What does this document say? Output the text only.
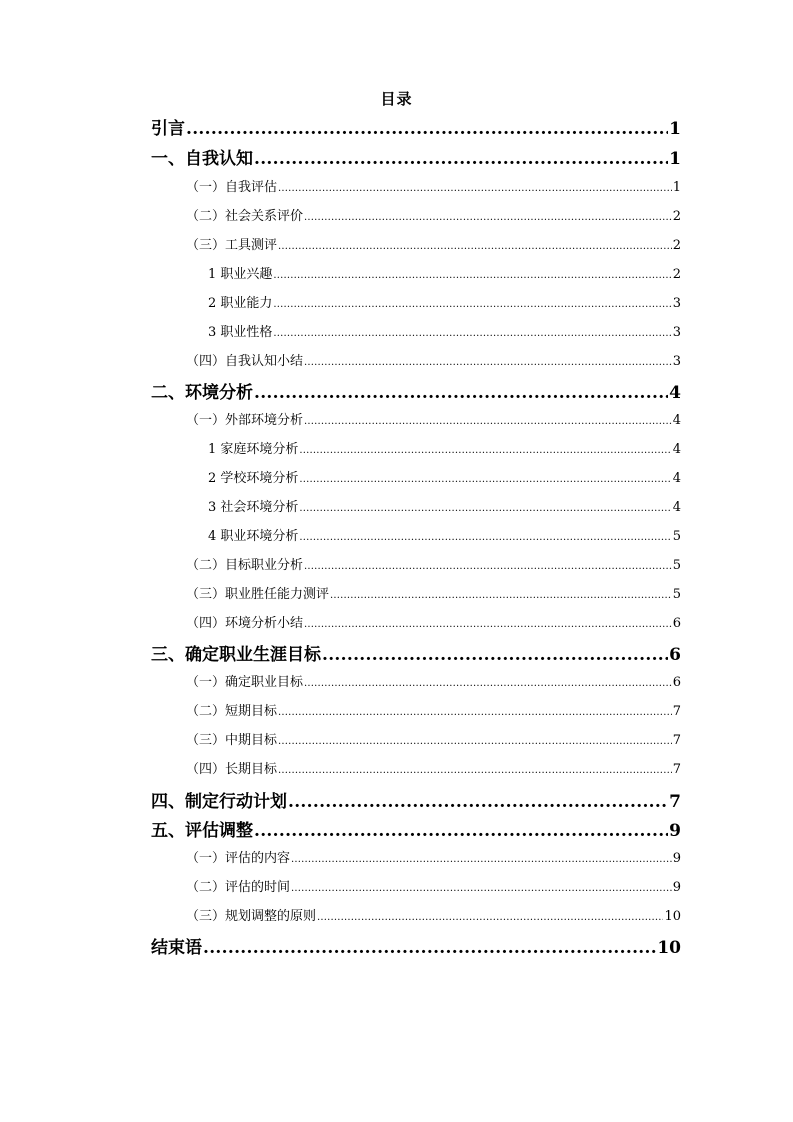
目录
引言 .....	1
一、自我认知 .....	1
（一）自我评估 .....	1
（二）社会关系评价 .....	2
（三）工具测评 .....	2
1 职业兴趣 .....	2
2 职业能力 .....	3
3 职业性格 .....	3
（四）自我认知小结 .....	3
二、环境分析 .....	4
（一）外部环境分析 .....	4
1 家庭环境分析 .....	4
2 学校环境分析 .....	4
3 社会环境分析 .....	4
4 职业环境分析 .....	5
（二）目标职业分析 .....	5
（三）职业胜任能力测评 .....	5
（四）环境分析小结 .....	6
三、确定职业生涯目标 .....	6
（一）确定职业目标 .....	6
（二）短期目标 .....	7
（三）中期目标 .....	7
（四）长期目标 .....	7
四、制定行动计划 .....	7
五、评估调整 .....	9
（一）评估的内容 .....	9
（二）评估的时间 .....	9
（三）规划调整的原则 .....	10
结束语 .....	10
